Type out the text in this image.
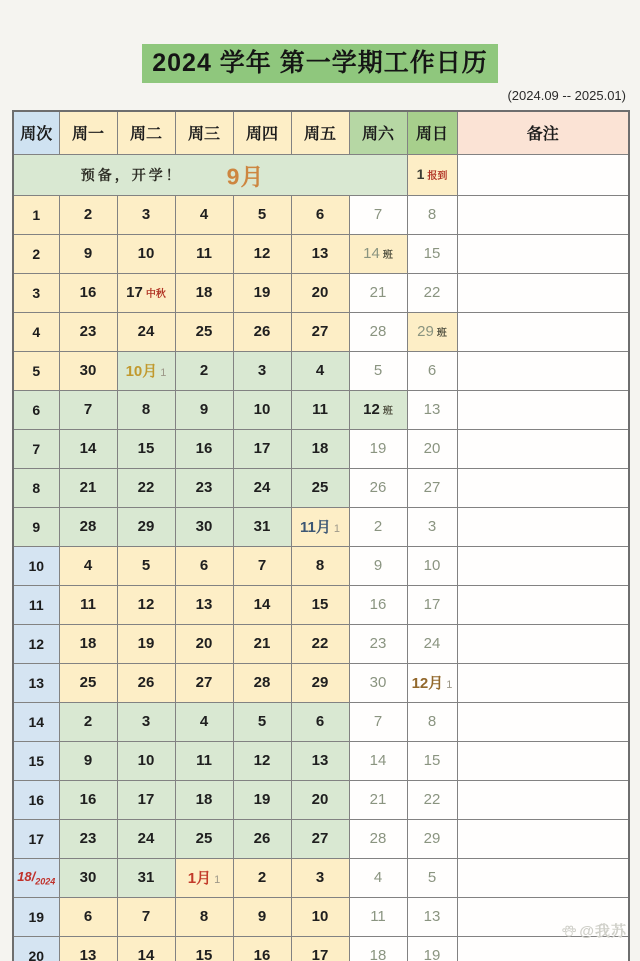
2024 学年 第一学期工作日历
(2024.09 -- 2025.01)
周次	周一	周二	周三	周四	周五	周六	周日	备注

预备，开学！ 9月							1 报到	
1	2	3	4	5	6	7	8	
2	9	10	11	12	13	14 班	15	
3	16	17 中秋	18	19	20	21	22	
4	23	24	25	26	27	28	29 班	
5	30	10月 1	2	3	4	5	6	
6	7	8	9	10	11	12 班	13	
7	14	15	16	17	18	19	20	
8	21	22	23	24	25	26	27	
9	28	29	30	31	11月 1	2	3	
10	4	5	6	7	8	9	10	
11	11	12	13	14	15	16	17	
12	18	19	20	21	22	23	24	
13	25	26	27	28	29	30	12月 1	
14	2	3	4	5	6	7	8	
15	9	10	11	12	13	14	15	
16	16	17	18	19	20	21	22	
17	23	24	25	26	27	28	29	
$18/_{2024}$	30	31	1月 1	2	3	4	5	
19	6	7	8	9	10	11	13	
20	13	14	15	16	17	18	19	
@我苏
